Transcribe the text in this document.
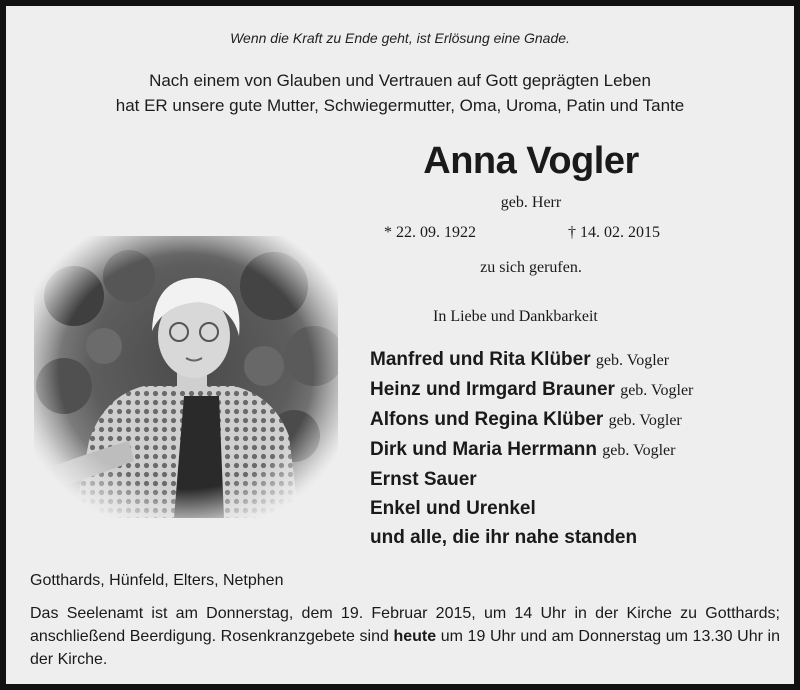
Wenn die Kraft zu Ende geht, ist Erlösung eine Gnade.
Nach einem von Glauben und Vertrauen auf Gott geprägten Leben
hat ER unsere gute Mutter, Schwiegermutter, Oma, Uroma, Patin und Tante
Anna Vogler
geb. Herr
* 22. 09. 1922	† 14. 02. 2015
zu sich gerufen.
In Liebe und Dankbarkeit
Manfred und Rita Klüber geb. Vogler
Heinz und Irmgard Brauner geb. Vogler
Alfons und Regina Klüber geb. Vogler
Dirk und Maria Herrmann geb. Vogler
Ernst Sauer
Enkel und Urenkel
und alle, die ihr nahe standen
Gotthards, Hünfeld, Elters, Netphen
Das Seelenamt ist am Donnerstag, dem 19. Februar 2015, um 14 Uhr in der Kirche zu Gotthards; anschließend Beerdigung. Rosenkranzgebete sind heute um 19 Uhr und am Donnerstag um 13.30 Uhr in der Kirche.
